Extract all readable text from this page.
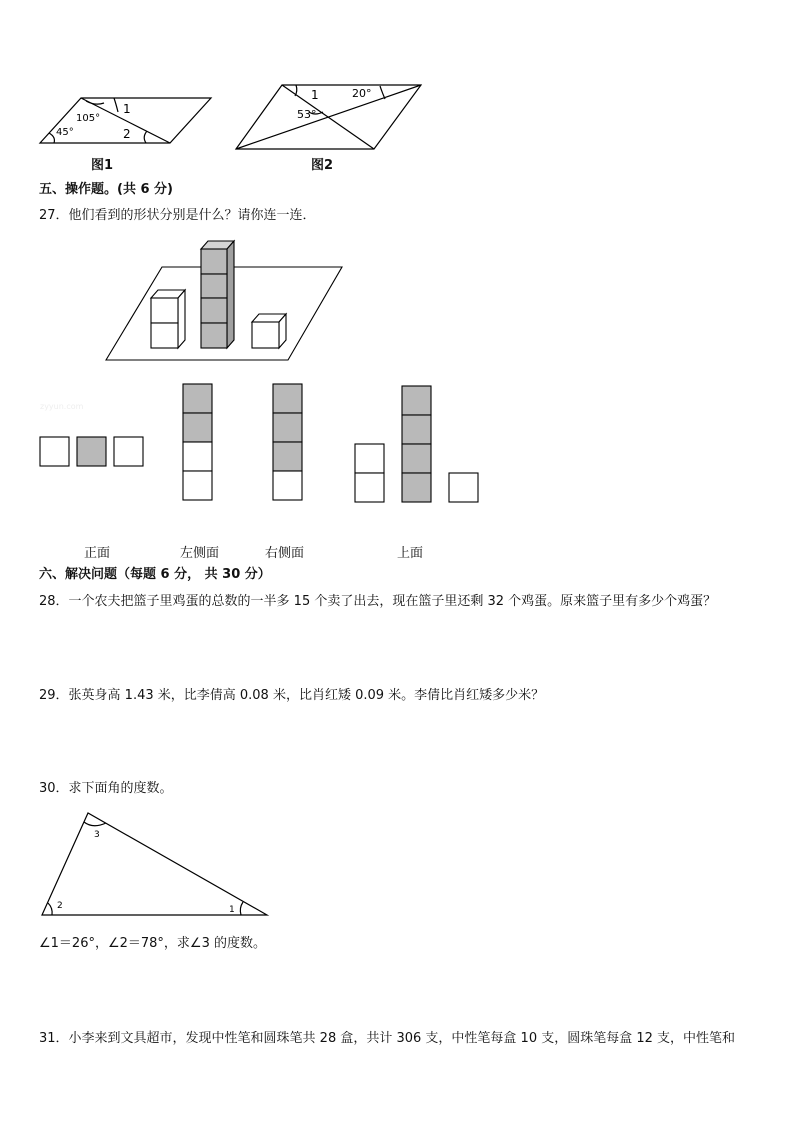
105°
1
45°	2
1	20°
53°
图1	图2
五、操作题。(共 6 分)
27．他们看到的形状分别是什么？请你连一连．
zyyun.com
正面	左侧面	右侧面	上面
六、解决问题（每题 6 分， 共 30 分）
28．一个农夫把篮子里鸡蛋的总数的一半多 15 个卖了出去，现在篮子里还剩 32 个鸡蛋。原来篮子里有多少个鸡蛋？
29．张英身高 1.43 米，比李倩高 0.08 米，比肖红矮 0.09 米。李倩比肖红矮多少米？
30．求下面角的度数。
2	1
3
∠1＝26°，∠2＝78°，求∠3 的度数。
31．小李来到文具超市，发现中性笔和圆珠笔共 28 盒，共计 306 支，中性笔每盒 10 支，圆珠笔每盒 12 支，中性笔和
